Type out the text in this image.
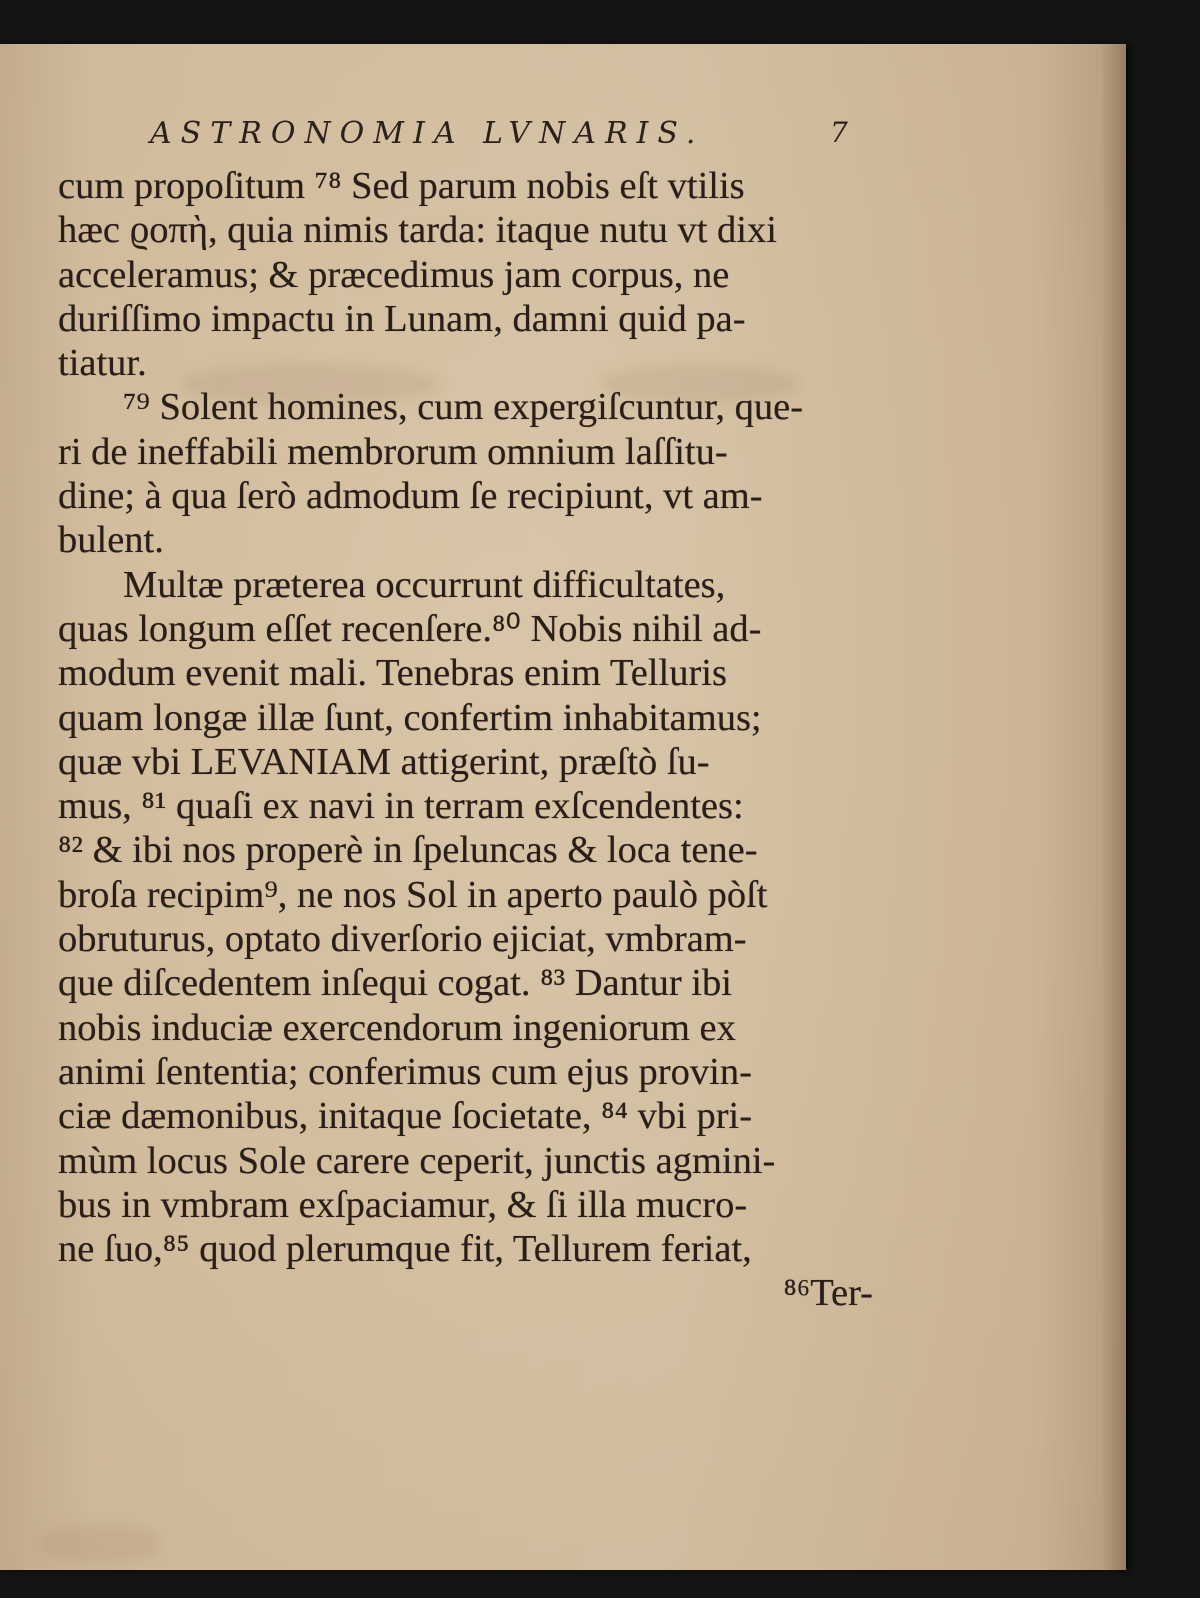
ASTRONOMIA LVNARIS.	7
cum propoſitum ⁷⁸ Sed parum nobis eſt vtilis
hæc ϱοπὴ, quia nimis tarda: itaque nutu vt dixi
acceleramus; & præcedimus jam corpus, ne
duriſſimo impactu in Lunam, damni quid pa-
tiatur.
⁷⁹ Solent homines, cum expergiſcuntur, que-
ri de ineffabili membrorum omnium laſſitu-
dine; à qua ſerò admodum ſe recipiunt, vt am-
bulent.
Multæ præterea occurrunt difficultates,
quas longum eſſet recenſere.⁸⁰ Nobis nihil ad-
modum evenit mali. Tenebras enim Telluris
quam longæ illæ ſunt, confertim inhabitamus;
quæ vbi LEVANIAM attigerint, præſtò ſu-
mus, ⁸¹ quaſi ex navi in terram exſcendentes:
⁸² & ibi nos properè in ſpeluncas & loca tene-
broſa recipim⁹, ne nos Sol in aperto paulò pòſt
obruturus, optato diverſorio ejiciat, vmbram-
que diſcedentem inſequi cogat. ⁸³ Dantur ibi
nobis induciæ exercendorum ingeniorum ex
animi ſententia; conferimus cum ejus provin-
ciæ dæmonibus, initaque ſocietate, ⁸⁴ vbi pri-
mùm locus Sole carere ceperit, junctis agmini-
bus in vmbram exſpaciamur, & ſi illa mucro-
ne ſuo,⁸⁵ quod plerumque fit, Tellurem feriat,
⁸⁶Ter-
